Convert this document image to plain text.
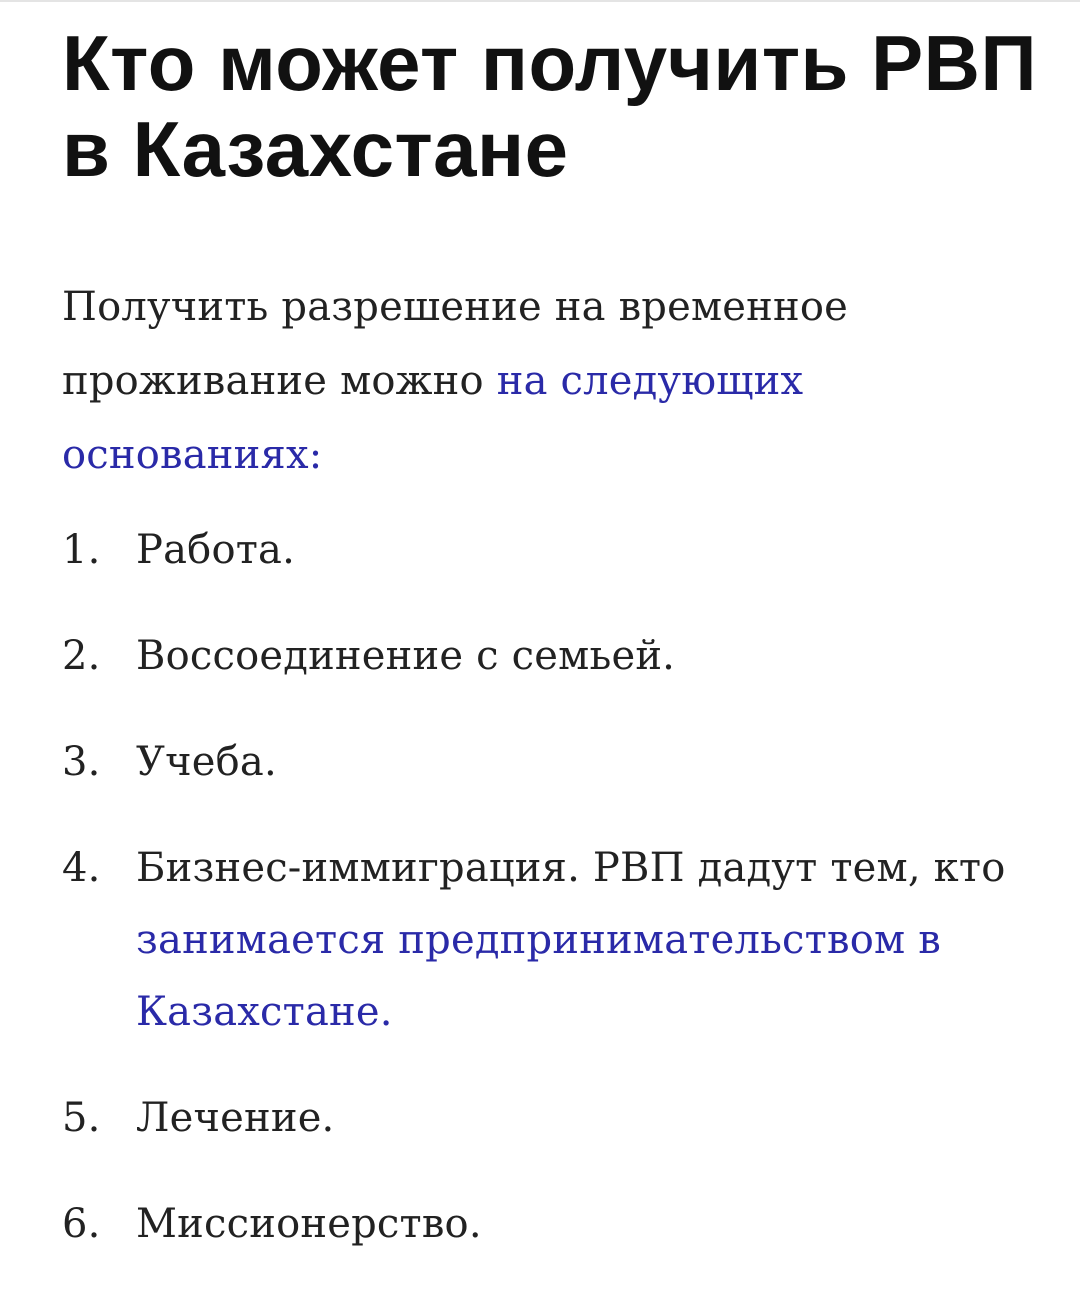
Кто может получить РВП в Казахстане

Получить разрешение на временное проживание можно на следующих основаниях:

1. Работа.
2. Воссоединение с семьей.
3. Учеба.
4. Бизнес-иммиграция. РВП дадут тем, кто занимается предпринимательством в Казахстане.
5. Лечение.
6. Миссионерство.
